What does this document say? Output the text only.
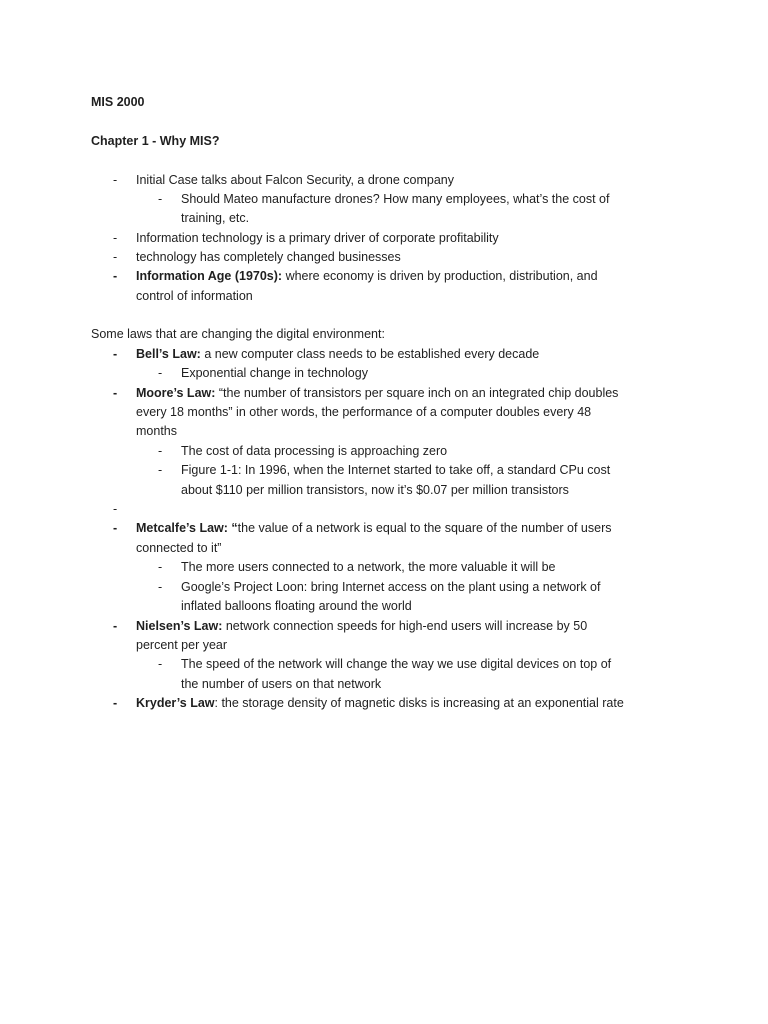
MIS 2000
Chapter 1 - Why MIS?
- Initial Case talks about Falcon Security, a drone company
- Should Mateo manufacture drones? How many employees, what’s the cost of
training, etc.
- Information technology is a primary driver of corporate profitability
- technology has completely changed businesses
- Information Age (1970s): where economy is driven by production, distribution, and
control of information
Some laws that are changing the digital environment:
- Bell’s Law: a new computer class needs to be established every decade
- Exponential change in technology
- Moore’s Law: “the number of transistors per square inch on an integrated chip doubles
every 18 months” in other words, the performance of a computer doubles every 48
months
- The cost of data processing is approaching zero
- Figure 1-1: In 1996, when the Internet started to take off, a standard CPu cost
about $110 per million transistors, now it’s $0.07 per million transistors
-
- Metcalfe’s Law: “the value of a network is equal to the square of the number of users
connected to it”
- The more users connected to a network, the more valuable it will be
- Google’s Project Loon: bring Internet access on the plant using a network of
inflated balloons floating around the world
- Nielsen’s Law: network connection speeds for high-end users will increase by 50
percent per year
- The speed of the network will change the way we use digital devices on top of
the number of users on that network
- Kryder’s Law: the storage density of magnetic disks is increasing at an exponential rate
